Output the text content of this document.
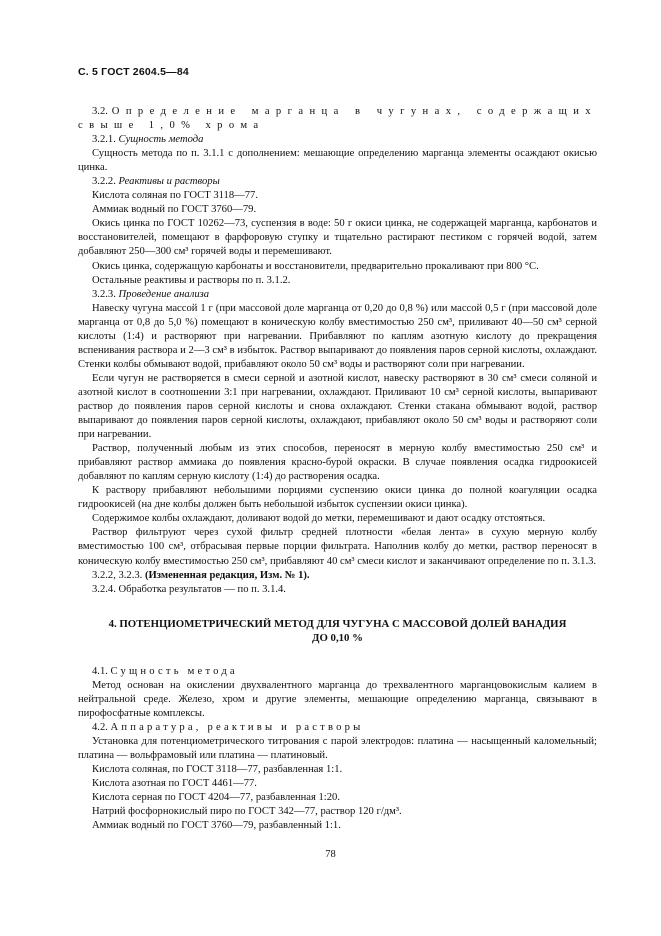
С. 5 ГОСТ 2604.5—84

3.2. Определение марганца в чугунах, содержащих свыше 1,0% хрома

3.2.1. Сущность метода

Сущность метода по п. 3.1.1 с дополнением: мешающие определению марганца элементы осаждают окисью цинка.

3.2.2. Реактивы и растворы

Кислота соляная по ГОСТ 3118—77.

Аммиак водный по ГОСТ 3760—79.

Окись цинка по ГОСТ 10262—73, суспензия в воде: 50 г окиси цинка, не содержащей марганца, карбонатов и восстановителей, помещают в фарфоровую ступку и тщательно растирают пестиком с горячей водой, затем добавляют 250—300 см³ горячей воды и перемешивают.

Окись цинка, содержащую карбонаты и восстановители, предварительно прокаливают при 800 °С.

Остальные реактивы и растворы по п. 3.1.2.

3.2.3. Проведение анализа

Навеску чугуна массой 1 г (при массовой доле марганца от 0,20 до 0,8 %) или массой 0,5 г (при массовой доле марганца от 0,8 до 5,0 %) помещают в коническую колбу вместимостью 250 см³, приливают 40—50 см³ серной кислоты (1:4) и растворяют при нагревании. Прибавляют по каплям азотную кислоту до прекращения вспенивания раствора и 2—3 см³ в избыток. Раствор выпаривают до появления паров серной кислоты, охлаждают. Стенки колбы обмывают водой, прибавляют около 50 см³ воды и растворяют соли при нагревании.

Если чугун не растворяется в смеси серной и азотной кислот, навеску растворяют в 30 см³ смеси соляной и азотной кислот в соотношении 3:1 при нагревании, охлаждают. Приливают 10 см³ серной кислоты, выпаривают раствор до появления паров серной кислоты и снова охлаждают. Стенки стакана обмывают водой, раствор выпаривают до появления паров серной кислоты, охлаждают, прибавляют около 50 см³ воды и растворяют соли при нагревании.

Раствор, полученный любым из этих способов, переносят в мерную колбу вместимостью 250 см³ и прибавляют раствор аммиака до появления красно-бурой окраски. В случае появления осадка гидроокисей добавляют по каплям серную кислоту (1:4) до растворения осадка.

К раствору прибавляют небольшими порциями суспензию окиси цинка до полной коагуляции осадка гидроокисей (на дне колбы должен быть небольшой избыток суспензии окиси цинка).

Содержимое колбы охлаждают, доливают водой до метки, перемешивают и дают осадку отстояться.

Раствор фильтруют через сухой фильтр средней плотности «белая лента» в сухую мерную колбу вместимостью 100 см³, отбрасывая первые порции фильтрата. Наполнив колбу до метки, раствор переносят в коническую колбу вместимостью 250 см³, прибавляют 40 см³ смеси кислот и заканчивают определение по п. 3.1.3.

3.2.2, 3.2.3. (Измененная редакция, Изм. № 1).

3.2.4. Обработка результатов — по п. 3.1.4.

4. ПОТЕНЦИОМЕТРИЧЕСКИЙ МЕТОД ДЛЯ ЧУГУНА С МАССОВОЙ ДОЛЕЙ ВАНАДИЯ
ДО 0,10 %

4.1. Сущность метода

Метод основан на окислении двухвалентного марганца до трехвалентного марганцовокислым калием в нейтральной среде. Железо, хром и другие элементы, мешающие определению марганца, связывают в пирофосфатные комплексы.

4.2. Аппаратура, реактивы и растворы

Установка для потенциометрического титрования с парой электродов: платина — насыщенный каломельный; платина — вольфрамовый или платина — платиновый.

Кислота соляная, по ГОСТ 3118—77, разбавленная 1:1.

Кислота азотная по ГОСТ 4461—77.

Кислота серная по ГОСТ 4204—77, разбавленная 1:20.

Натрий фосфорнокислый пиро по ГОСТ 342—77, раствор 120 г/дм³.

Аммиак водный по ГОСТ 3760—79, разбавленный 1:1.

78
